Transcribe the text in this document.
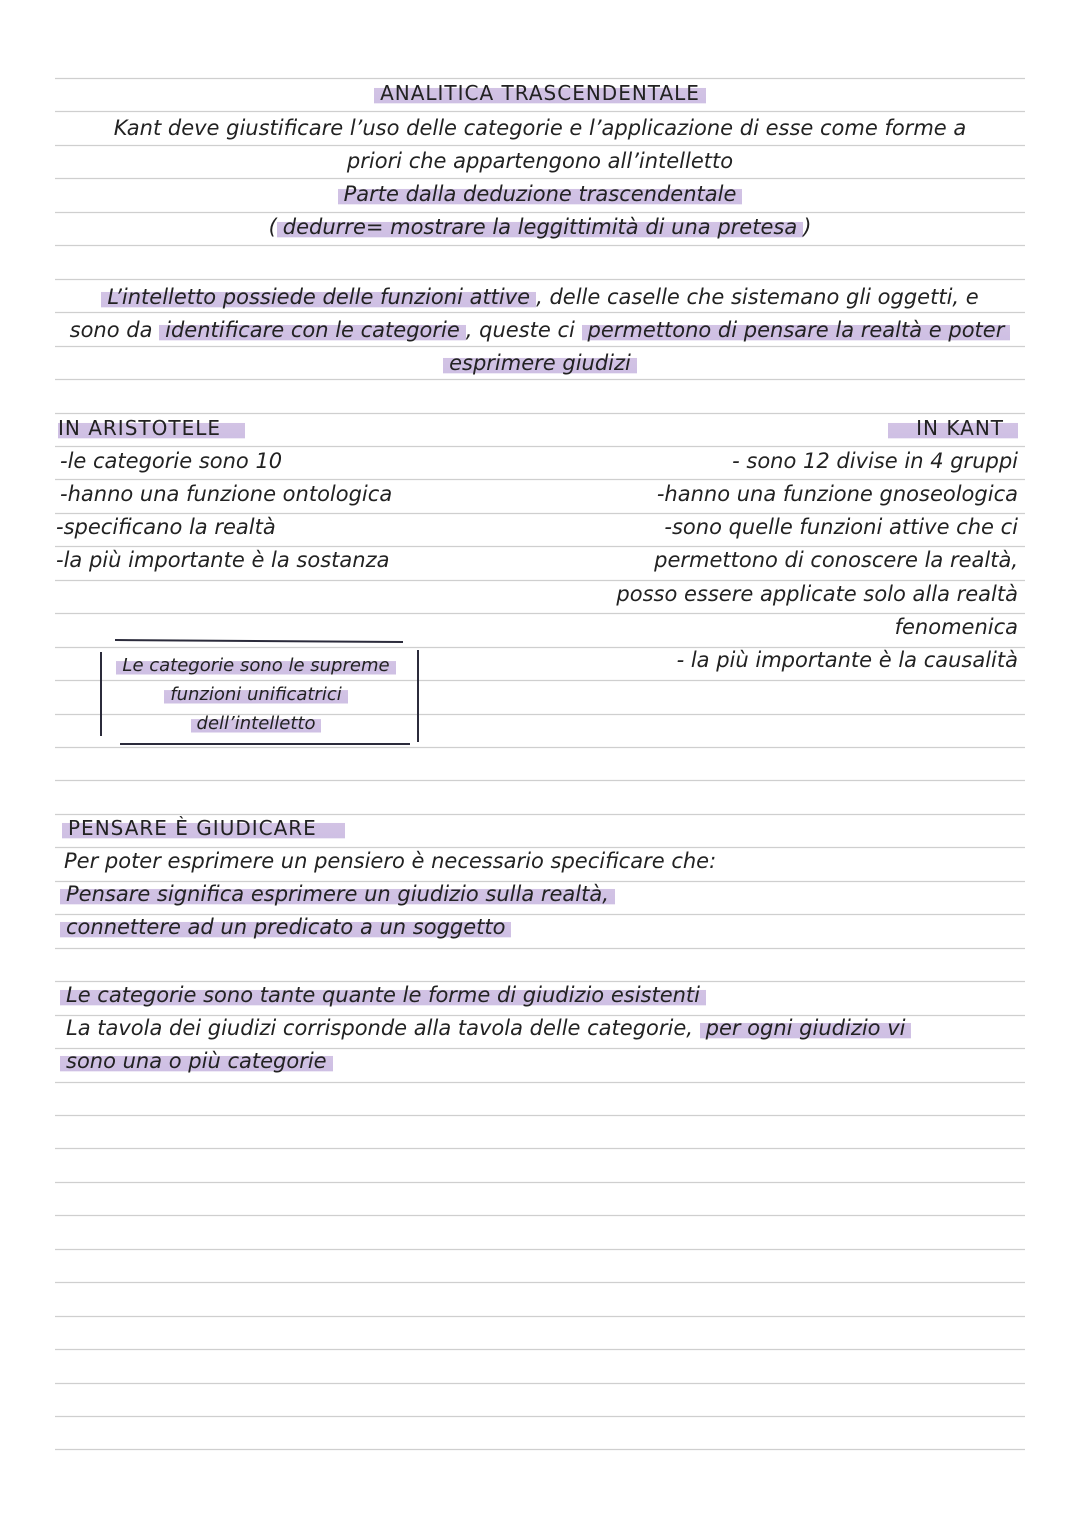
ANALITICA TRASCENDENTALE
Kant deve giustificare l’uso delle categorie e l’applicazione di esse come forme a
priori che appartengono all’intelletto
Parte dalla deduzione trascendentale
( dedurre= mostrare la leggittimità di una pretesa )
L’intelletto possiede delle funzioni attive , delle caselle che sistemano gli oggetti, e
sono da identificare con le categorie , queste ci permettono di pensare la realtà e poter
esprimere giudizi
IN ARISTOTELE
-le categorie sono 10
-hanno una funzione ontologica
-specificano la realtà
-la più importante è la sostanza
IN KANT
- sono 12 divise in 4 gruppi
-hanno una funzione gnoseologica
-sono quelle funzioni attive che ci
permettono di conoscere la realtà,
posso essere applicate solo alla realtà
fenomenica
- la più importante è la causalità
Le categorie sono le supreme
funzioni unificatrici
dell’intelletto
PENSARE È GIUDICARE
Per poter esprimere un pensiero è necessario specificare che:
Pensare significa esprimere un giudizio sulla realtà,
connettere ad un predicato a un soggetto
Le categorie sono tante quante le forme di giudizio esistenti
La tavola dei giudizi corrisponde alla tavola delle categorie, per ogni giudizio vi
sono una o più categorie
